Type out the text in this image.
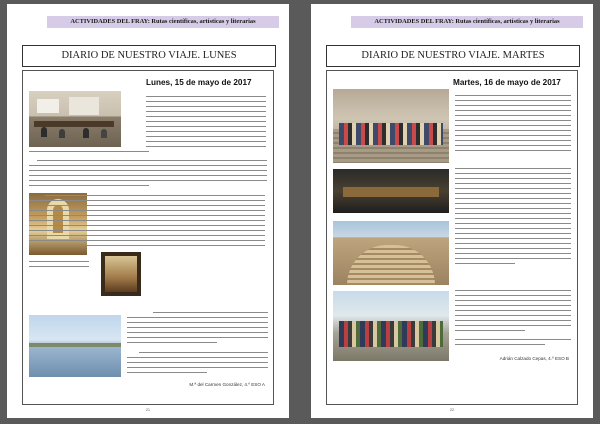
ACTIVIDADES DEL FRAY: Rutas científicas, artísticas y literarias
DIARIO DE NUESTRO VIAJE. LUNES
Lunes, 15 de mayo de 2017
M.ª del Carmen González, 4.º ESO A
21
ACTIVIDADES DEL FRAY: Rutas científicas, artísticas y literarias
DIARIO DE NUESTRO VIAJE. MARTES
Martes, 16 de mayo de 2017
Adrián Calzado Cepas, 4.º ESO B
22
